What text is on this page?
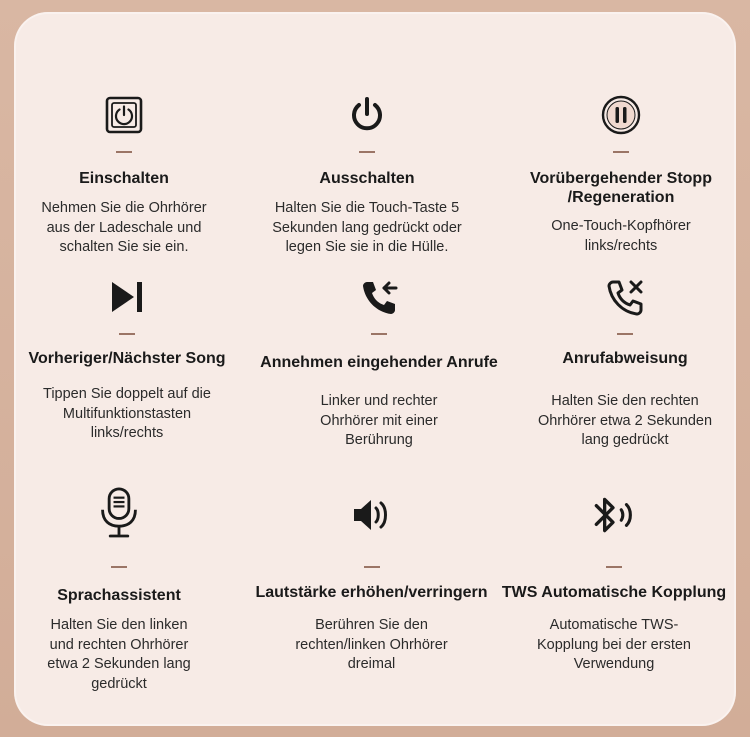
Einschalten
Nehmen Sie die Ohrhörer aus der Ladeschale und schalten Sie sie ein.
Ausschalten
Halten Sie die Touch-Taste 5 Sekunden lang gedrückt oder legen Sie sie in die Hülle.
Vorübergehender Stopp /Regeneration
One-Touch-Kopfhörer links/rechts
Vorheriger/Nächster Song
Tippen Sie doppelt auf die Multifunktionstasten links/rechts
Annehmen eingehender Anrufe
Linker und rechter Ohrhörer mit einer Berührung
Anrufabweisung
Halten Sie den rechten Ohrhörer etwa 2 Sekunden lang gedrückt
Sprachassistent
Halten Sie den linken und rechten Ohrhörer etwa 2 Sekunden lang gedrückt
Lautstärke erhöhen/verringern
Berühren Sie den rechten/linken Ohrhörer dreimal
TWS Automatische Kopplung
Automatische TWS-Kopplung bei der ersten Verwendung
